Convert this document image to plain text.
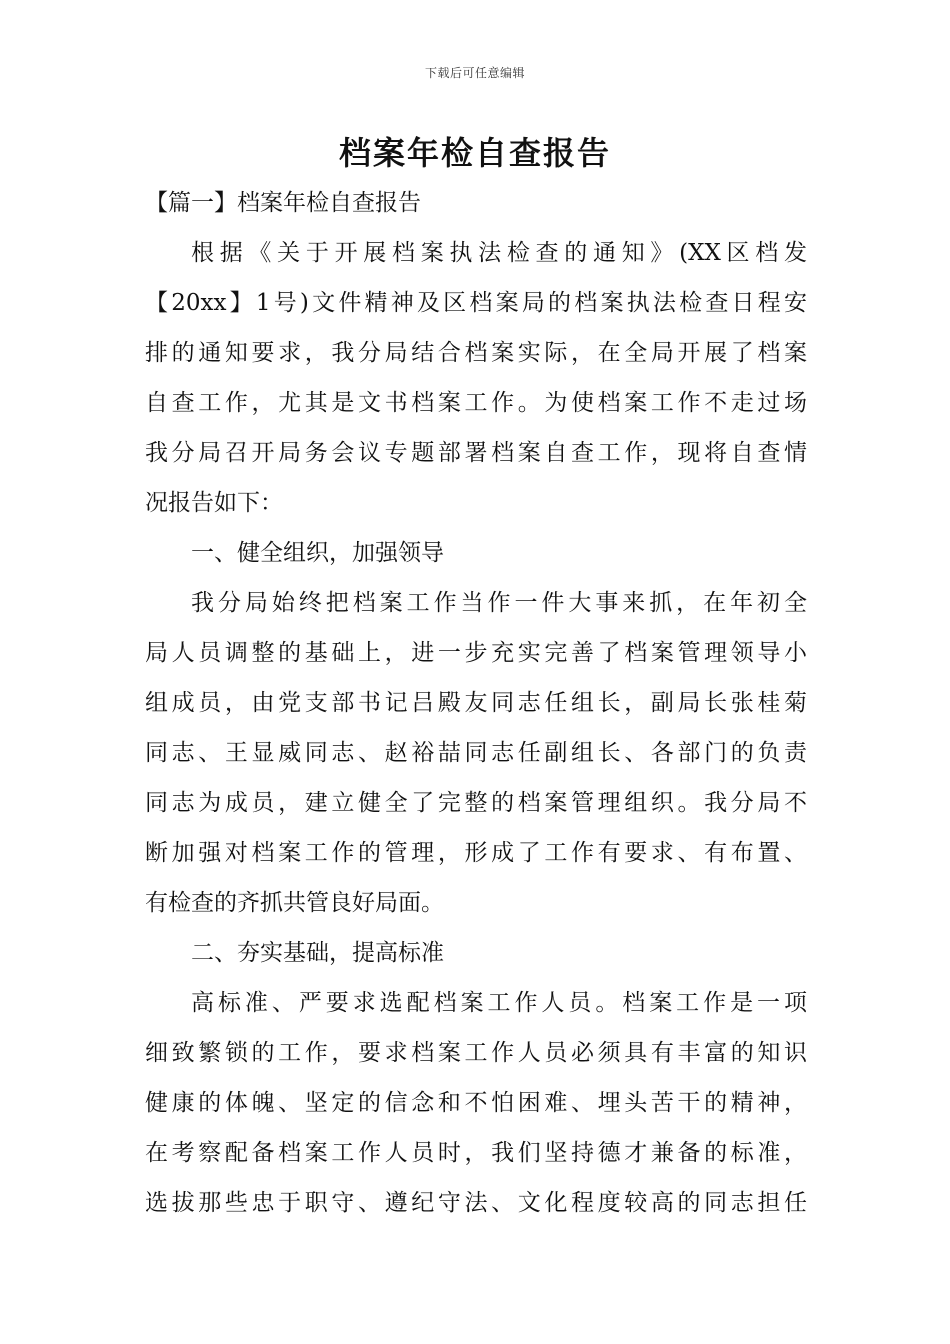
下载后可任意编辑
档案年检自查报告

【篇一】档案年检自查报告

根据《关于开展档案执法检查的通知》(XX区档发

【20xx】1号)文件精神及区档案局的档案执法检查日程安

排的通知要求，我分局结合档案实际，在全局开展了档案

自查工作，尤其是文书档案工作。为使档案工作不走过场

我分局召开局务会议专题部署档案自查工作，现将自查情

况报告如下：

一、健全组织，加强领导

我分局始终把档案工作当作一件大事来抓，在年初全

局人员调整的基础上，进一步充实完善了档案管理领导小

组成员，由党支部书记吕殿友同志任组长，副局长张桂菊

同志、王显威同志、赵裕喆同志任副组长、各部门的负责

同志为成员，建立健全了完整的档案管理组织。我分局不

断加强对档案工作的管理，形成了工作有要求、有布置、

有检查的齐抓共管良好局面。

二、夯实基础，提高标准

高标准、严要求选配档案工作人员。档案工作是一项

细致繁锁的工作，要求档案工作人员必须具有丰富的知识

健康的体魄、坚定的信念和不怕困难、埋头苦干的精神，

在考察配备档案工作人员时，我们坚持德才兼备的标准，

选拔那些忠于职守、遵纪守法、文化程度较高的同志担任
